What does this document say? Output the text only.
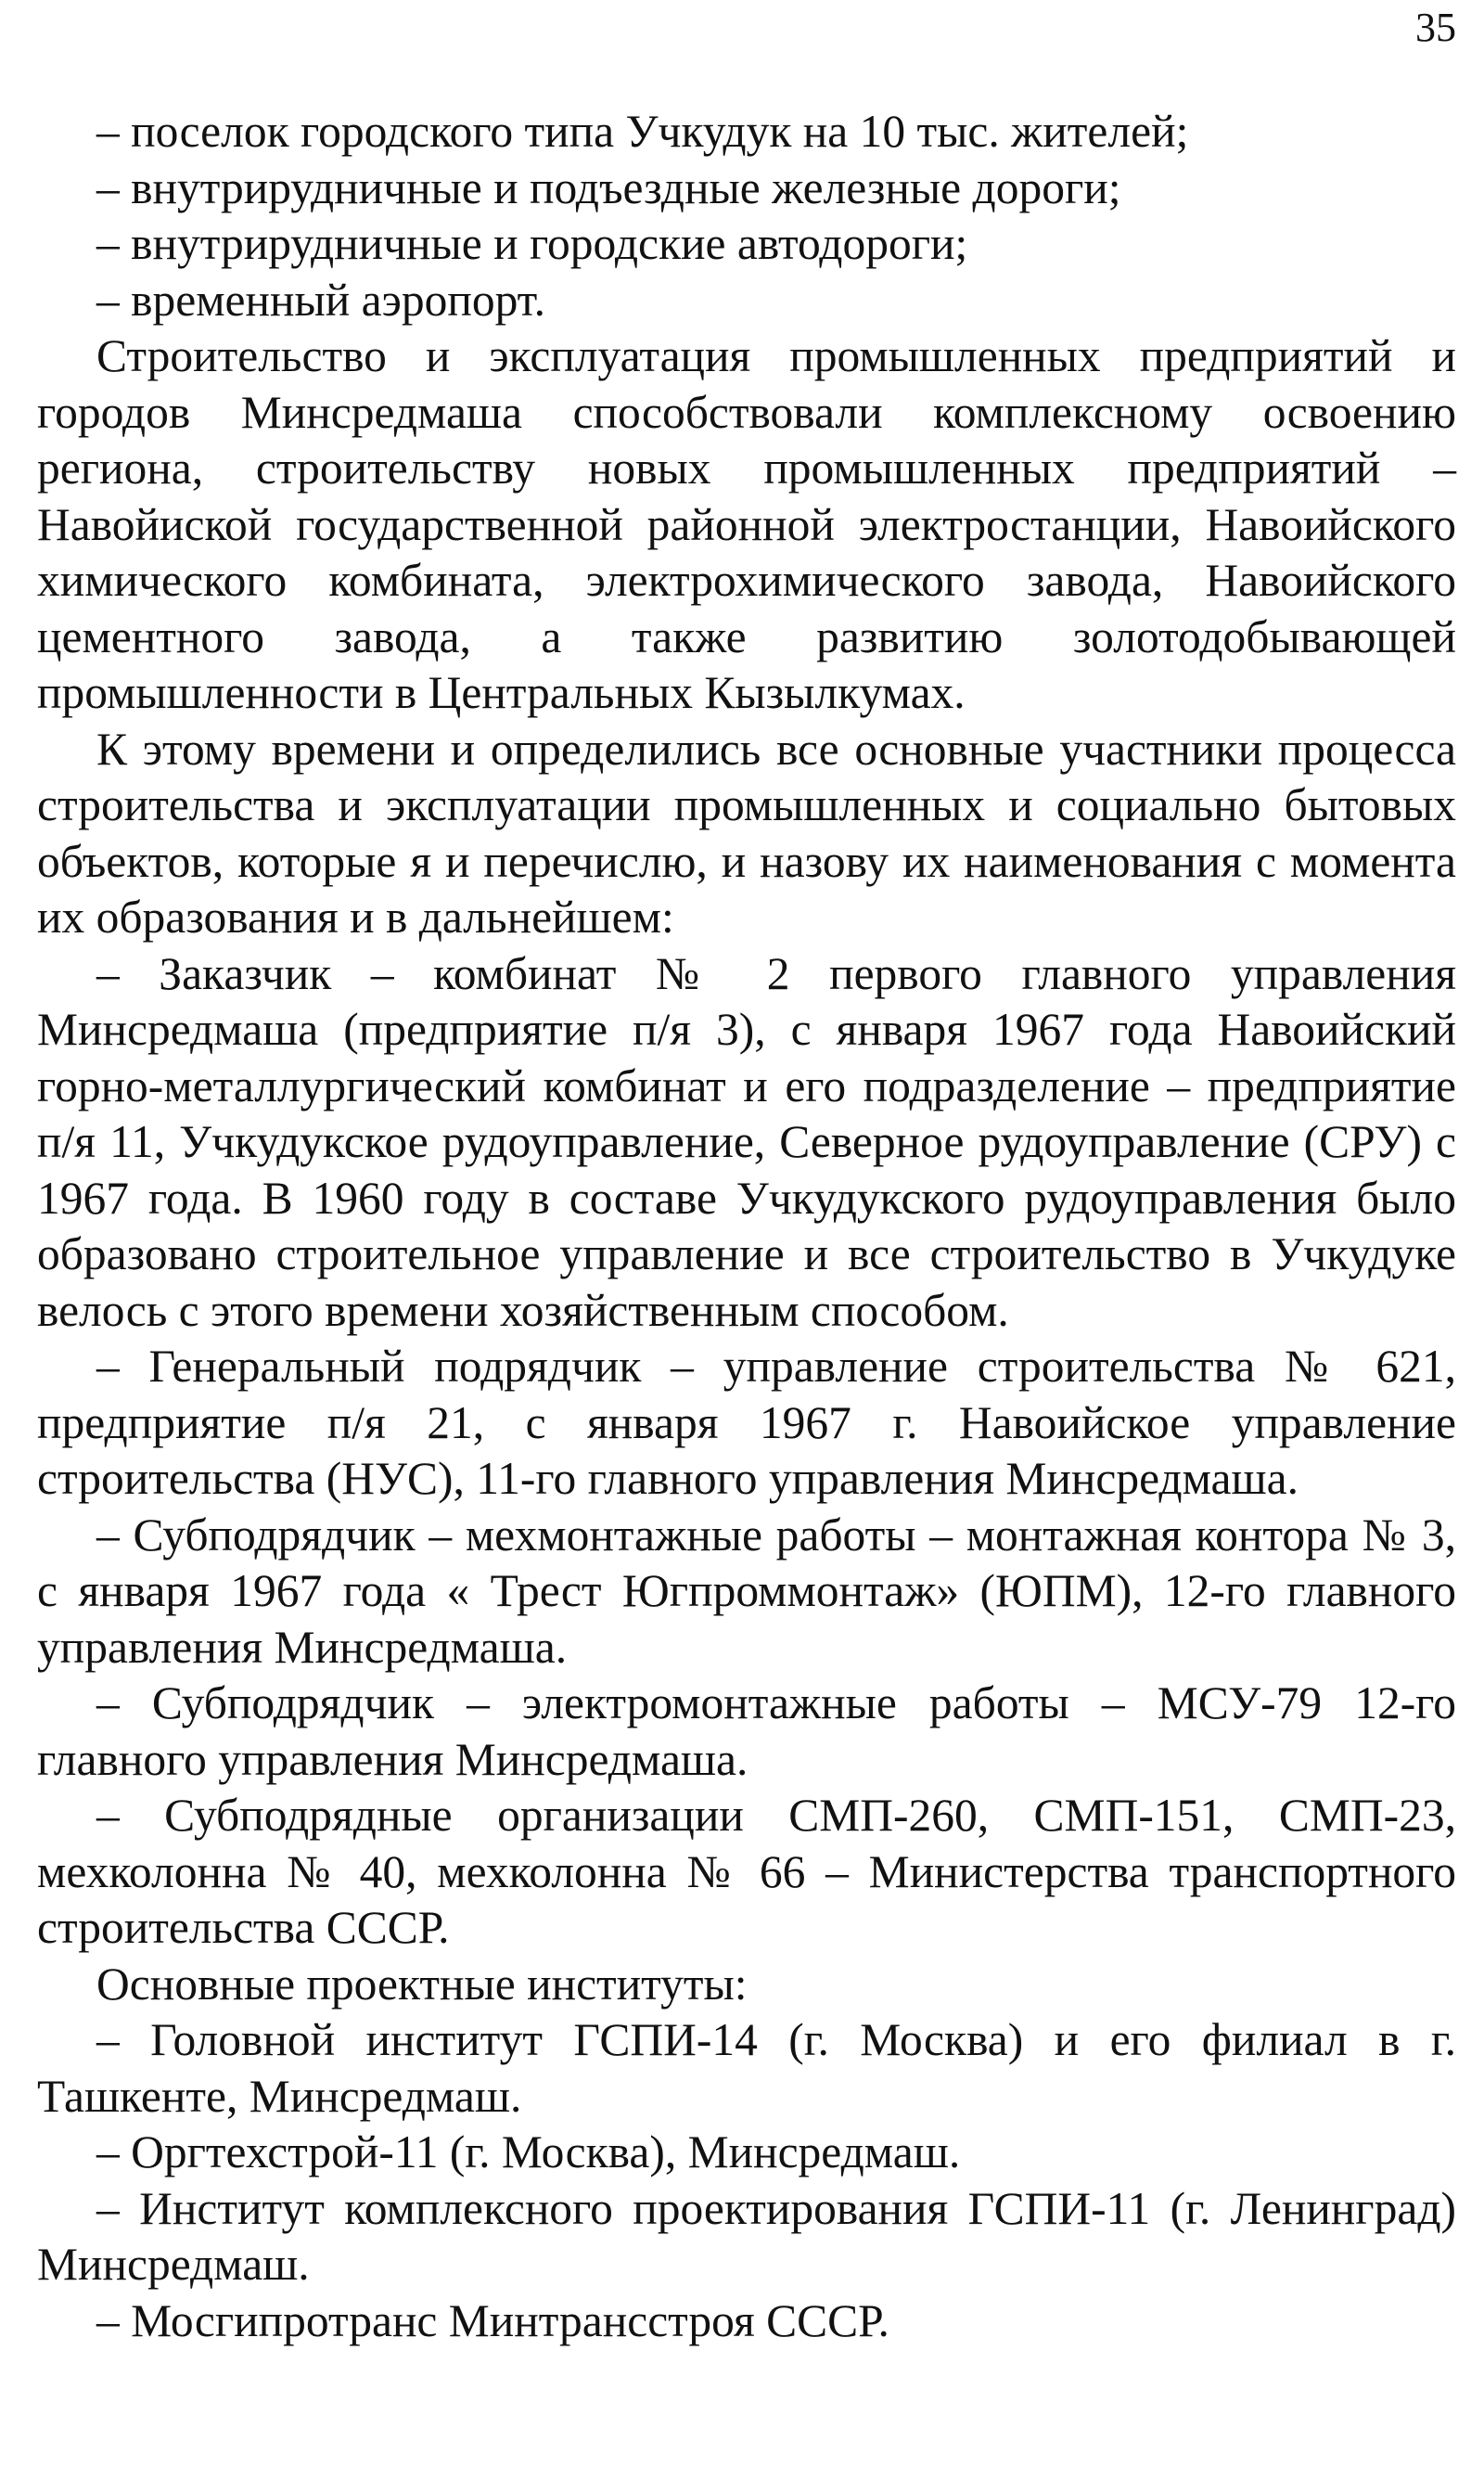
35

– поселок городского типа Учкудук на 10 тыс. жителей;

– внутрирудничные и подъездные железные дороги;

– внутрирудничные и городские автодороги;

– временный аэропорт.

Строительство и эксплуатация промышленных предприятий и городов Минсредмаша способствовали комплексному освоению региона, строительству новых промышленных предприятий – Навойиской государственной районной электростанции, Навоийского химического комбината, электрохимического завода, Навоийского цементного завода, а также развитию золотодобывающей промышленности в Центральных Кызылкумах.

К этому времени и определились все основные участники процесса строительства и эксплуатации промышленных и социально бытовых объектов, которые я и перечислю, и назову их наименования с момента их образования и в дальнейшем:

– Заказчик – комбинат № 2 первого главного управления Минсредмаша (предприятие п/я 3), с января 1967 года Навоийский горно-металлургический комбинат и его подразделение – предприятие п/я 11, Учкудукское рудоуправление, Северное рудоуправление (СРУ) с 1967 года. В 1960 году в составе Учкудукского рудоуправления было образовано строительное управление и все строительство в Учкудуке велось с этого времени хозяйственным способом.

– Генеральный подрядчик – управление строительства № 621, предприятие п/я 21, с января 1967 г. Навоийское управление строительства (НУС), 11-го главного управления Минсредмаша.

– Субподрядчик – мехмонтажные работы – монтажная контора № 3, с января 1967 года « Трест Югпроммонтаж» (ЮПМ), 12-го главного управления Минсредмаша.

– Субподрядчик – электромонтажные работы – МСУ-79 12-го главного управления Минсредмаша.

– Субподрядные организации СМП-260, СМП-151, СМП-23, мехколонна № 40, мехколонна № 66 – Министерства транспортного строительства СССР.

Основные проектные институты:

– Головной институт ГСПИ-14 (г. Москва) и его филиал в г. Ташкенте, Минсредмаш.

– Оргтехстрой-11 (г. Москва), Минсредмаш.

– Институт комплексного проектирования ГСПИ-11 (г. Ленинград) Минсредмаш.

– Мосгипротранс Минтрансстроя СССР.
